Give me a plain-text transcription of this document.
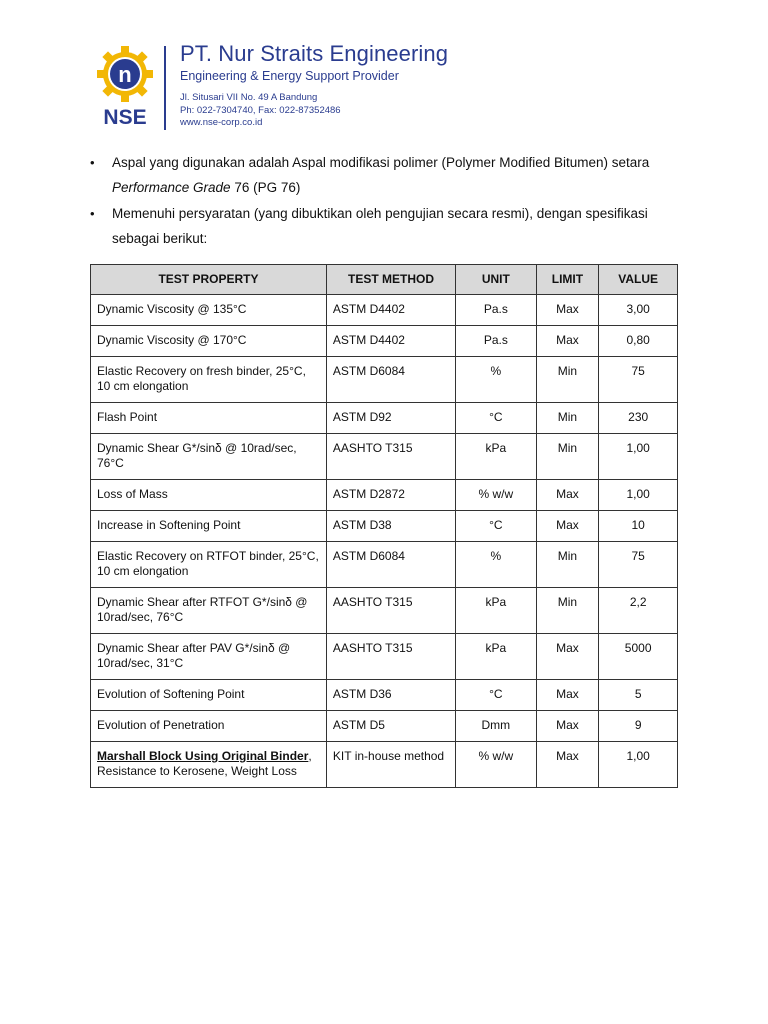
n
NSE
PT. Nur Straits Engineering
Engineering & Energy Support Provider
Jl. Situsari VII No. 49 A Bandung
Ph: 022-7304740, Fax: 022-87352486
www.nse-corp.co.id
• Aspal yang digunakan adalah Aspal modifikasi polimer (Polymer Modified Bitumen) setara Performance Grade 76 (PG 76)
• Memenuhi persyaratan (yang dibuktikan oleh pengujian secara resmi), dengan spesifikasi sebagai berikut:
TEST PROPERTY	TEST METHOD	UNIT	LIMIT	VALUE
Dynamic Viscosity @ 135°C	ASTM D4402	Pa.s	Max	3,00
Dynamic Viscosity @ 170°C	ASTM D4402	Pa.s	Max	0,80
Elastic Recovery on fresh binder, 25°C, 10 cm elongation	ASTM D6084	%	Min	75
Flash Point	ASTM D92	°C	Min	230
Dynamic Shear G*/sinδ @ 10rad/sec, 76°C	AASHTO T315	kPa	Min	1,00
Loss of Mass	ASTM D2872	% w/w	Max	1,00
Increase in Softening Point	ASTM D38	°C	Max	10
Elastic Recovery on RTFOT binder, 25°C, 10 cm elongation	ASTM D6084	%	Min	75
Dynamic Shear after RTFOT G*/sinδ @ 10rad/sec, 76°C	AASHTO T315	kPa	Min	2,2
Dynamic Shear after PAV G*/sinδ @ 10rad/sec, 31°C	AASHTO T315	kPa	Max	5000
Evolution of Softening Point	ASTM D36	°C	Max	5
Evolution of Penetration	ASTM D5	Dmm	Max	9
Marshall Block Using Original Binder, Resistance to Kerosene, Weight Loss	KIT in-house method	% w/w	Max	1,00
